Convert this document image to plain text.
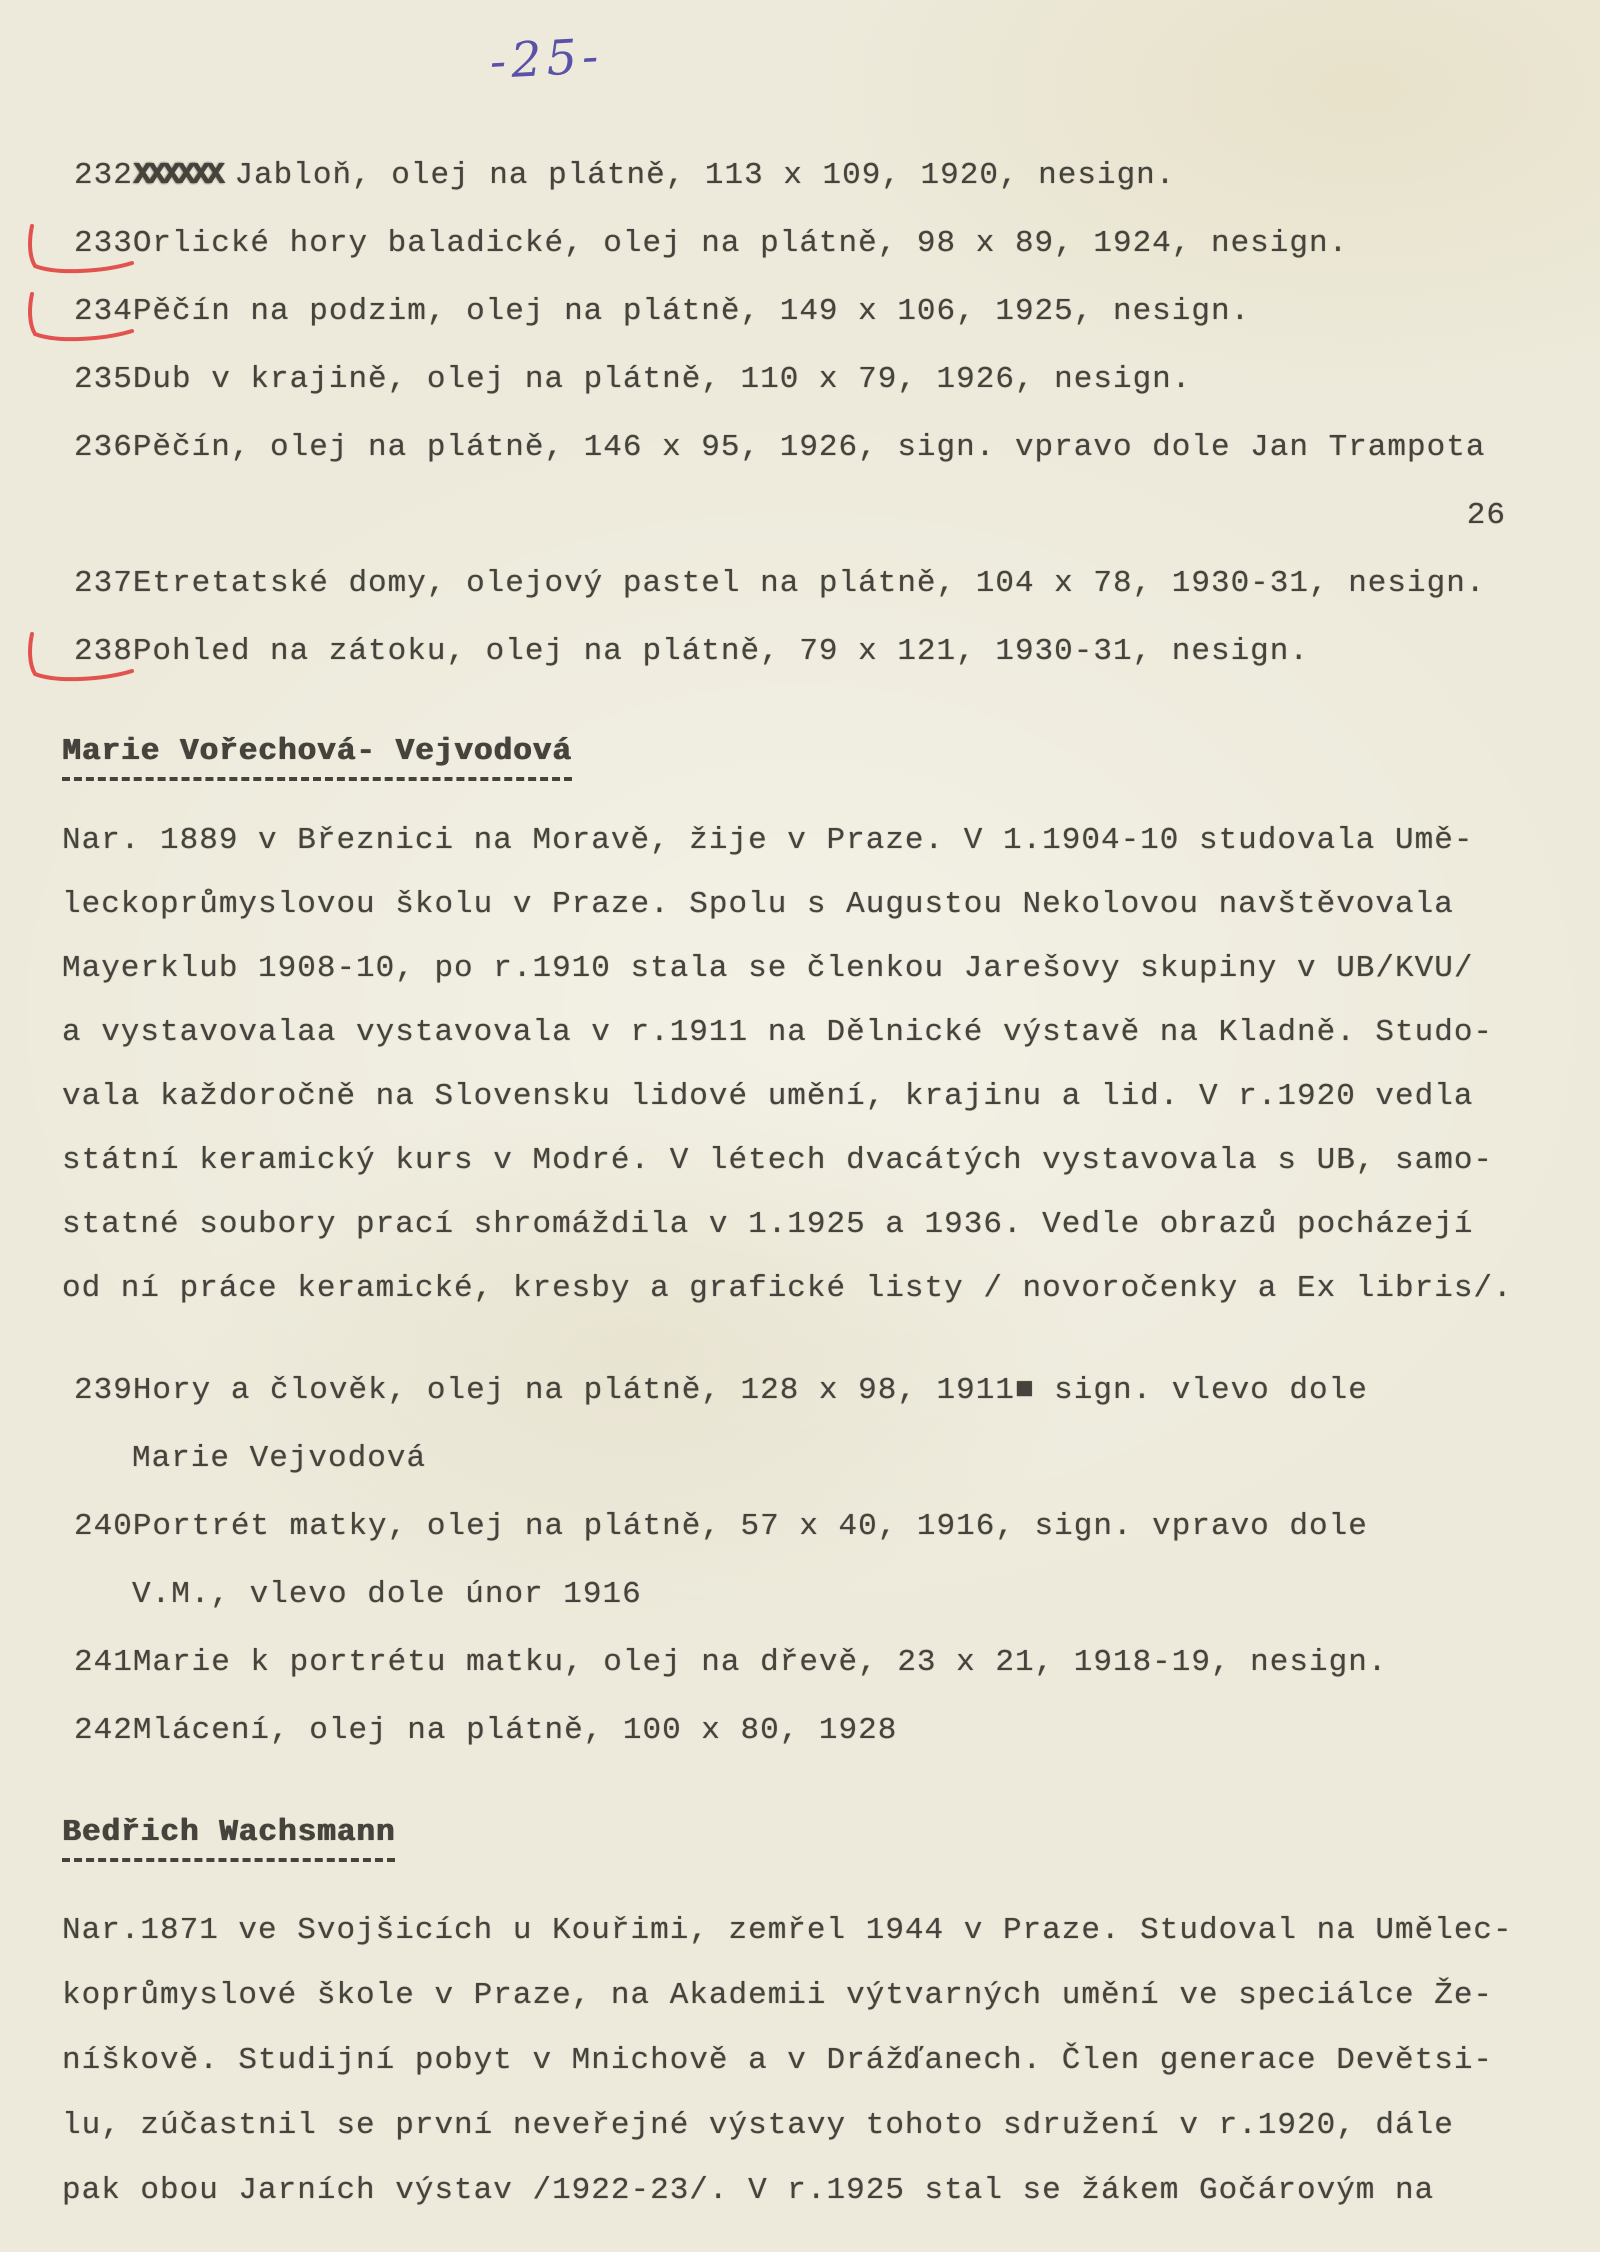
-25-
232 XXXXXX Jabloň, olej na plátně, 113 x 109, 1920, nesign.
233 Orlické hory baladické, olej na plátně, 98 x 89, 1924, nesign.
234 Pěčín na podzim, olej na plátně, 149 x 106, 1925, nesign.
235 Dub v krajině, olej na plátně, 110 x 79, 1926, nesign.
236 Pěčín, olej na plátně, 146 x 95, 1926, sign. vpravo dole Jan Trampota
26
237 Etretatské domy, olejový pastel na plátně, 104 x 78, 1930-31, nesign.
238 Pohled na zátoku, olej na plátně, 79 x 121, 1930-31, nesign.
Marie Vořechová- Vejvodová
Nar. 1889 v Březnici na Moravě, žije v Praze. V 1.1904-10 studovala Umě-
leckoprůmyslovou školu v Praze. Spolu s Augustou Nekolovou navštěvovala
Mayerklub 1908-10, po r.1910 stala se členkou Jarešovy skupiny v UB/KVU/
a vystavovalaa vystavovala v r.1911 na Dělnické výstavě na Kladně. Studo-
vala každoročně na Slovensku lidové umění, krajinu a lid. V r.1920 vedla
státní keramický kurs v Modré. V létech dvacátých vystavovala s UB, samo-
statné soubory prací shromáždila v 1.1925 a 1936. Vedle obrazů pocházejí
od ní práce keramické, kresby a grafické listy / novoročenky a Ex libris/.
239 Hory a člověk, olej na plátně, 128 x 98, 1911■ sign. vlevo dole
Marie Vejvodová
240 Portrét matky, olej na plátně, 57 x 40, 1916, sign. vpravo dole
V.M., vlevo dole únor 1916
241 Marie k portrétu matku, olej na dřevě, 23 x 21, 1918-19, nesign.
242 Mlácení, olej na plátně, 100 x 80, 1928
Bedřich Wachsmann
Nar.1871 ve Svojšicích u Kouřimi, zemřel 1944 v Praze. Studoval na Umělec-
koprůmyslové škole v Praze, na Akademii výtvarných umění ve speciálce Že-
níškově. Studijní pobyt v Mnichově a v Drážďanech. Člen generace Devětsi-
lu, zúčastnil se první neveřejné výstavy tohoto sdružení v r.1920, dále
pak obou Jarních výstav /1922-23/. V r.1925 stal se žákem Gočárovým na
